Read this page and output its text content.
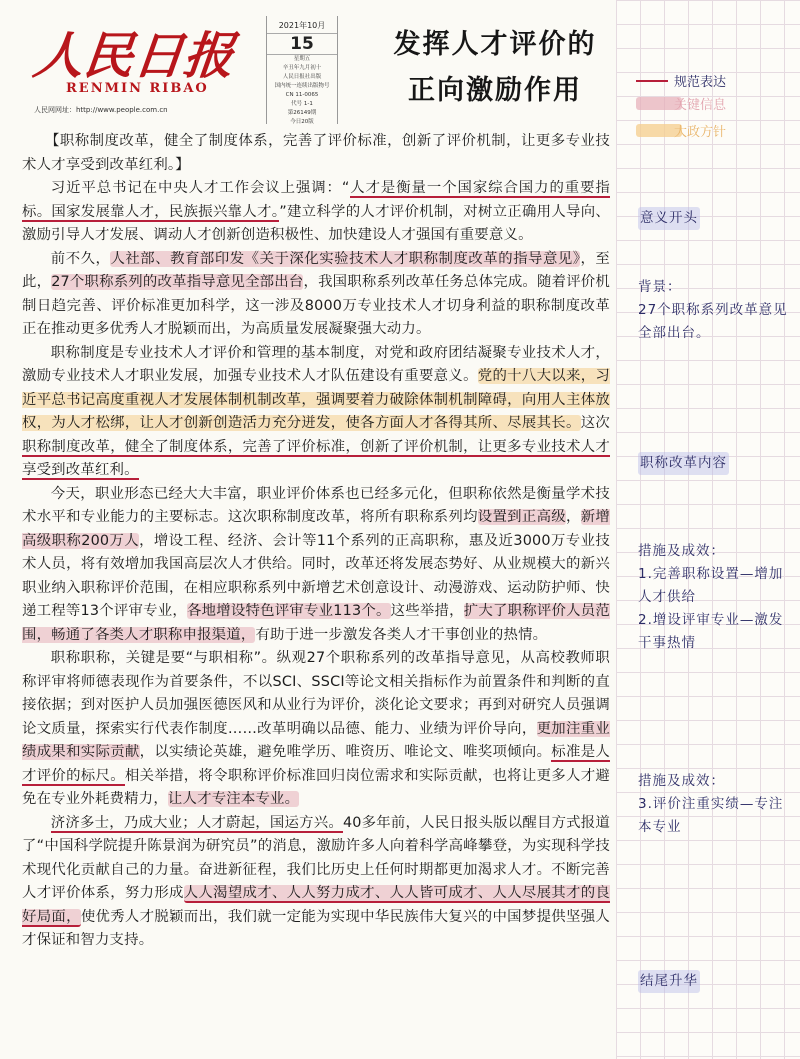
人民日报
RENMIN RIBAO
人民网网址：http://www.people.com.cn
2021年10月
15
星期五
辛丑年九月初十
人民日报社出版
国内统一连续出版物号
CN 11-0065
代号 1-1
第26149期
今日20版
发挥人才评价的
正向激励作用

【职称制度改革，健全了制度体系，完善了评价标准，创新了评价机制，让更多专业技术人才享受到改革红利。】

习近平总书记在中央人才工作会议上强调：“人才是衡量一个国家综合国力的重要指标。国家发展靠人才，民族振兴靠人才。”建立科学的人才评价机制，对树立正确用人导向、激励引导人才发展、调动人才创新创造积极性、加快建设人才强国有重要意义。

前不久，人社部、教育部印发《关于深化实验技术人才职称制度改革的指导意见》，至此，27个职称系列的改革指导意见全部出台，我国职称系列改革任务总体完成。随着评价机制日趋完善、评价标准更加科学，这一涉及8000万专业技术人才切身利益的职称制度改革正在推动更多优秀人才脱颖而出，为高质量发展凝聚强大动力。

职称制度是专业技术人才评价和管理的基本制度，对党和政府团结凝聚专业技术人才，激励专业技术人才职业发展，加强专业技术人才队伍建设有重要意义。党的十八大以来，习近平总书记高度重视人才发展体制机制改革，强调要着力破除体制机制障碍，向用人主体放权，为人才松绑，让人才创新创造活力充分迸发，使各方面人才各得其所、尽展其长。这次职称制度改革，健全了制度体系，完善了评价标准，创新了评价机制，让更多专业技术人才享受到改革红利。

今天，职业形态已经大大丰富，职业评价体系也已经多元化，但职称依然是衡量学术技术水平和专业能力的主要标志。这次职称制度改革，将所有职称系列均设置到正高级，新增高级职称200万人，增设工程、经济、会计等11个系列的正高职称，惠及近3000万专业技术人员，将有效增加我国高层次人才供给。同时，改革还将发展态势好、从业规模大的新兴职业纳入职称评价范围，在相应职称系列中新增艺术创意设计、动漫游戏、运动防护师、快递工程等13个评审专业，各地增设特色评审专业113个。这些举措，扩大了职称评价人员范围，畅通了各类人才职称申报渠道，有助于进一步激发各类人才干事创业的热情。

职称职称，关键是要“与职相称”。纵观27个职称系列的改革指导意见，从高校教师职称评审将师德表现作为首要条件，不以SCI、SSCI等论文相关指标作为前置条件和判断的直接依据；到对医护人员加强医德医风和从业行为评价，淡化论文要求；再到对研究人员强调论文质量，探索实行代表作制度……改革明确以品德、能力、业绩为评价导向，更加注重业绩成果和实际贡献，以实绩论英雄，避免唯学历、唯资历、唯论文、唯奖项倾向。标准是人才评价的标尺。相关举措，将令职称评价标准回归岗位需求和实际贡献，也将让更多人才避免在专业外耗费精力，让人才专注本专业。

济济多士，乃成大业；人才蔚起，国运方兴。40多年前，人民日报头版以醒目方式报道了“中国科学院提升陈景润为研究员”的消息，激励许多人向着科学高峰攀登，为实现科学技术现代化贡献自己的力量。奋进新征程，我们比历史上任何时期都更加渴求人才。不断完善人才评价体系，努力形成人人渴望成才、人人努力成才、人人皆可成才、人人尽展其才的良好局面，使优秀人才脱颖而出，我们就一定能为实现中华民族伟大复兴的中国梦提供坚强人才保证和智力支持。

规范表达
关键信息
大政方针
意义开头
背景：
27个职称系列改革意见全部出台。
职称改革内容
措施及成效：
1.完善职称设置—增加人才供给
2.增设评审专业—激发干事热情
措施及成效：
3.评价注重实绩—专注本专业
结尾升华
